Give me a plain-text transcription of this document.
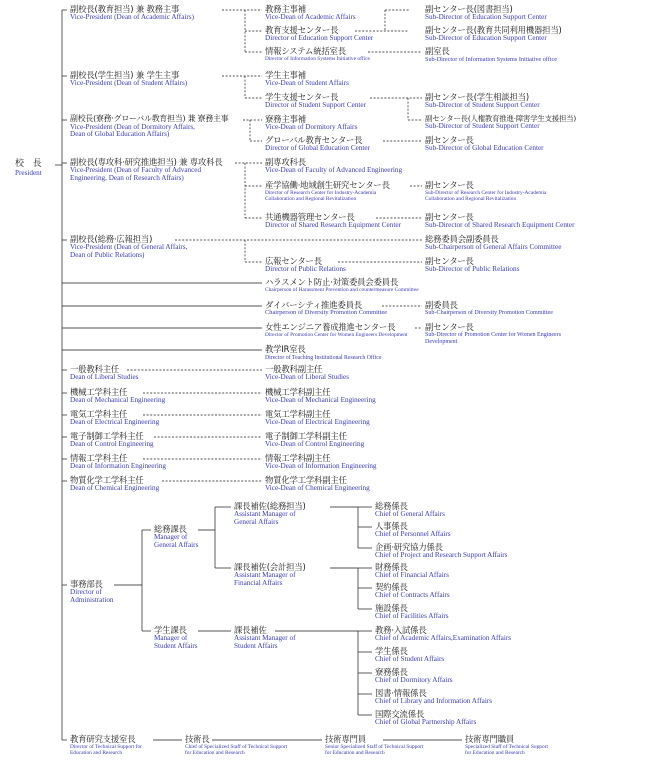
校　長
President
副校長(教育担当) 兼 教務主事
Vice-President (Dean of Academic Affairs)
教務主事補
Vice-Dean of Academic Affairs
教育支援センター長
Director of Education Support Center
情報システム統括室長
Director of Information Systems Initiative office
副センター長(図書担当)
Sub-Director of Education Support Center
副センター長(教育共同利用機器担当)
Sub-Director of Education Support Center
副室長
Sub-Director of Information Systems Initiative office
副校長(学生担当) 兼 学生主事
Vice-President (Dean of Student Affairs)
学生主事補
Vice-Dean of Student Affairs
学生支援センター長
Director of Student Support Center
副センター長(学生相談担当)
Sub-Director of Student Support Center
副センター長(人権教育推進·障害学生支援担当)
Sub-Director of Student Support Center
副校長(寮務·グローバル教育担当) 兼 寮務主事
Vice-President (Dean of Dormitory Affairs,
Dean of Global Education Affairs)
寮務主事補
Vice-Dean of Dormitory Affairs
グローバル教育センター長
Director of Global Education Center
副センター長
Sub-Director of Global Education Center
副校長(専攻科·研究推進担当) 兼 専攻科長
Vice-President (Dean of Faculty of Advanced
Engineering, Dean of Research Affairs)
副専攻科長
Vice-Dean of Faculty of Advanced Engineering
産学協働·地域創生研究センター長
Director of Research Center for Industry-Academia
Collaboration and Regional Revitalization
副センター長
Sub-Director of Research Center for Industry-Academia
Collaboration and Regional Revitalization
共通機器管理センター長
Director of Shared Research Equipment Center
副センター長
Sub-Director of Shared Research Equipment Center
副校長(総務·広報担当)
Vice-President (Dean of General Affairs,
Dean of Public Relations)
総務委員会副委員長
Sub-Chairperson of General Affairs Committee
広報センター長
Director of Public Relations
副センター長
Sub-Director of Public Relations
ハラスメント防止·対策委員会委員長
Chairperson of Harassment Prevention and countermeasure Committee
ダイバーシティ推進委員長
Chairperson of Diversity Promotion Committee
副委員長
Sub-Chairperson of Diversity Promotion Committee
女性エンジニア養成推進センター長
Director of Promotion Center for Women Engineers Development
副センター長
Sub-Director of Promotion Center for Women Engineers
Development
教学IR室長
Director of Teaching Institutional Research Office
一般教科主任
Dean of Liberal Studies
一般教科副主任
Vice-Dean of Liberal Studies
機械工学科主任
Dean of Mechanical Engineering
機械工学科副主任
Vice-Dean of Mechanical Engineering
電気工学科主任
Dean of Electrical Engineering
電気工学科副主任
Vice-Dean of Electrical Engineering
電子制御工学科主任
Dean of Control Engineering
電子制御工学科副主任
Vice-Dean of Control Engineering
情報工学科主任
Dean of Information Engineering
情報工学科副主任
Vice-Dean of Information Engineering
物質化学工学科主任
Dean of Chemical Engineering
物質化学工学科副主任
Vice-Dean of Chemical Engineering
事務部長
Director of
Administration
総務課長
Manager of
General Affairs
学生課長
Manager of
Student Affairs
課長補佐(総務担当)
Assistant Manager of
General Affairs
課長補佐(会計担当)
Assistant Manager of
Financial Affairs
課長補佐
Assistant Manager of
Student Affairs
総務係長
Chief of General Affairs
人事係長
Chief of Personnel Affairs
企画·研究協力係長
Chief of Project and Research Support Affairs
財務係長
Chief of Financial Affairs
契約係長
Chief of Contracts Affairs
施設係長
Chief of Facilities Affairs
教務·入試係長
Chief of Academic Affairs,Examination Affairs
学生係長
Chief of Student Affairs
寮務係長
Chief of Dormitory Affairs
図書·情報係長
Chief of Library and Information Affairs
国際交流係長
Chief of Global Partnership Affairs
教育研究支援室長
Director of Technical Support for
Education and Research
技術長
Chief of Specialized Staff of Technical Support
for Education and Research
技術専門員
Senior Specialized Staff of Technical Support
for Education and Research
技術専門職員
Specialized Staff of Technical Support
for Education and Research
